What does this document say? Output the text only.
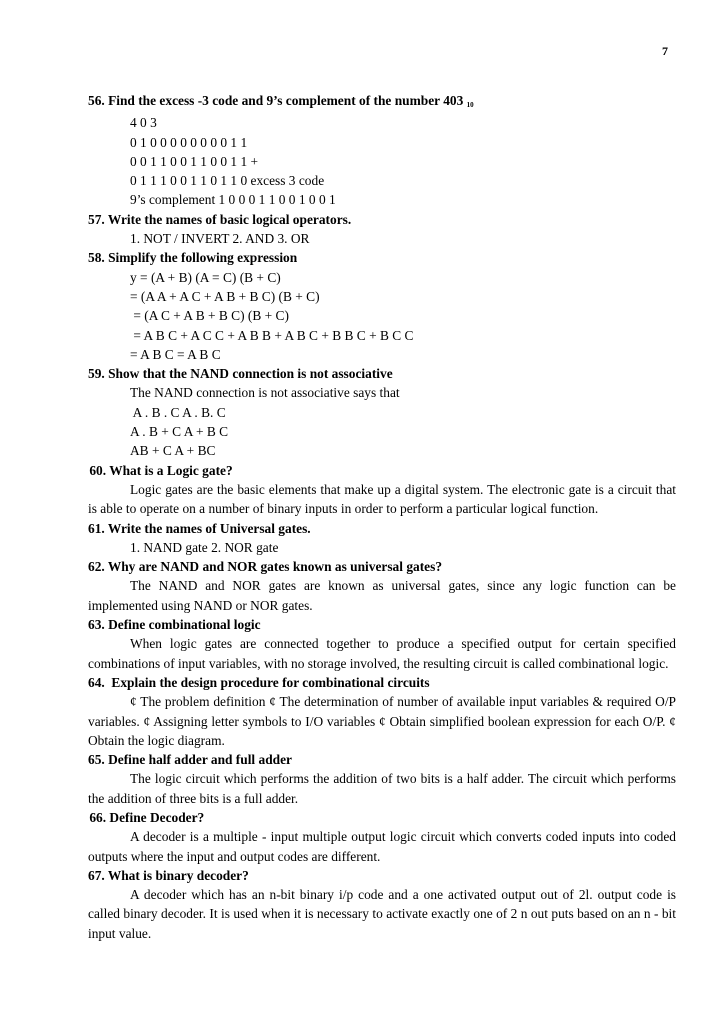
7
56. Find the excess -3 code and 9’s complement of the number 403 10
4 0 3
0 1 0 0 0 0 0 0 0 0 1 1
0 0 1 1 0 0 1 1 0 0 1 1 +
0 1 1 1 0 0 1 1 0 1 1 0 excess 3 code
9’s complement 1 0 0 0 1 1 0 0 1 0 0 1
57. Write the names of basic logical operators.
1. NOT / INVERT 2. AND 3. OR
58. Simplify the following expression
y = (A + B) (A = C) (B + C)
= (A A + A C + A B + B C) (B + C)
= (A C + A B + B C) (B + C)
= A B C + A C C + A B B + A B C + B B C + B C C
= A B C = A B C
59. Show that the NAND connection is not associative
The NAND connection is not associative says that
A . B . C A . B. C
A . B + C A + B C
AB + C A + BC
60. What is a Logic gate?
Logic gates are the basic elements that make up a digital system. The electronic gate is a circuit that is able to operate on a number of binary inputs in order to perform a particular logical function.
61. Write the names of Universal gates.
1. NAND gate 2. NOR gate
62. Why are NAND and NOR gates known as universal gates?
The NAND and NOR gates are known as universal gates, since any logic function can be implemented using NAND or NOR gates.
63. Define combinational logic
When logic gates are connected together to produce a specified output for certain specified combinations of input variables, with no storage involved, the resulting circuit is called combinational logic.
64.  Explain the design procedure for combinational circuits
¢ The problem definition ¢ The determination of number of available input variables & required O/P variables. ¢ Assigning letter symbols to I/O variables ¢ Obtain simplified boolean expression for each O/P. ¢ Obtain the logic diagram.
65. Define half adder and full adder
The logic circuit which performs the addition of two bits is a half adder. The circuit which performs the addition of three bits is a full adder.
66. Define Decoder?
A decoder is a multiple - input multiple output logic circuit which converts coded inputs into coded outputs where the input and output codes are different.
67. What is binary decoder?
A decoder which has an n-bit binary i/p code and a one activated output out of 2l. output code is called binary decoder. It is used when it is necessary to activate exactly one of 2 n out puts based on an n - bit input value.
